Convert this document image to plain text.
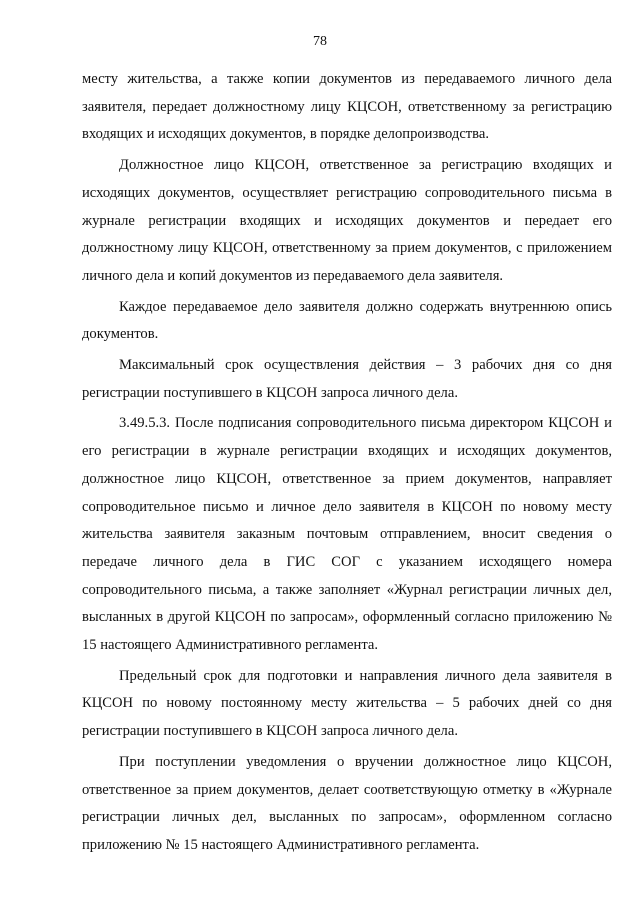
78

месту жительства, а также копии документов из передаваемого личного дела заявителя, передает должностному лицу КЦСОН, ответственному за регистрацию входящих и исходящих документов, в порядке делопроизводства.

Должностное лицо КЦСОН, ответственное за регистрацию входящих и исходящих документов, осуществляет регистрацию сопроводительного письма в журнале регистрации входящих и исходящих документов и передает его должностному лицу КЦСОН, ответственному за прием документов, с приложением личного дела и копий документов из передаваемого дела заявителя.

Каждое передаваемое дело заявителя должно содержать внутреннюю опись документов.

Максимальный срок осуществления действия – 3 рабочих дня со дня регистрации поступившего в КЦСОН запроса личного дела.

3.49.5.3. После подписания сопроводительного письма директором КЦСОН и его регистрации в журнале регистрации входящих и исходящих документов, должностное лицо КЦСОН, ответственное за прием документов, направляет сопроводительное письмо и личное дело заявителя в КЦСОН по новому месту жительства заявителя заказным почтовым отправлением, вносит сведения о передаче личного дела в ГИС СОГ с указанием исходящего номера сопроводительного письма, а также заполняет «Журнал регистрации личных дел, высланных в другой КЦСОН по запросам», оформленный согласно приложению № 15 настоящего Административного регламента.

Предельный срок для подготовки и направления личного дела заявителя в КЦСОН по новому постоянному месту жительства – 5 рабочих дней со дня регистрации поступившего в КЦСОН запроса личного дела.

При поступлении уведомления о вручении должностное лицо КЦСОН, ответственное за прием документов, делает соответствующую отметку в «Журнале регистрации личных дел, высланных по запросам», оформленном согласно приложению № 15 настоящего Административного регламента.
